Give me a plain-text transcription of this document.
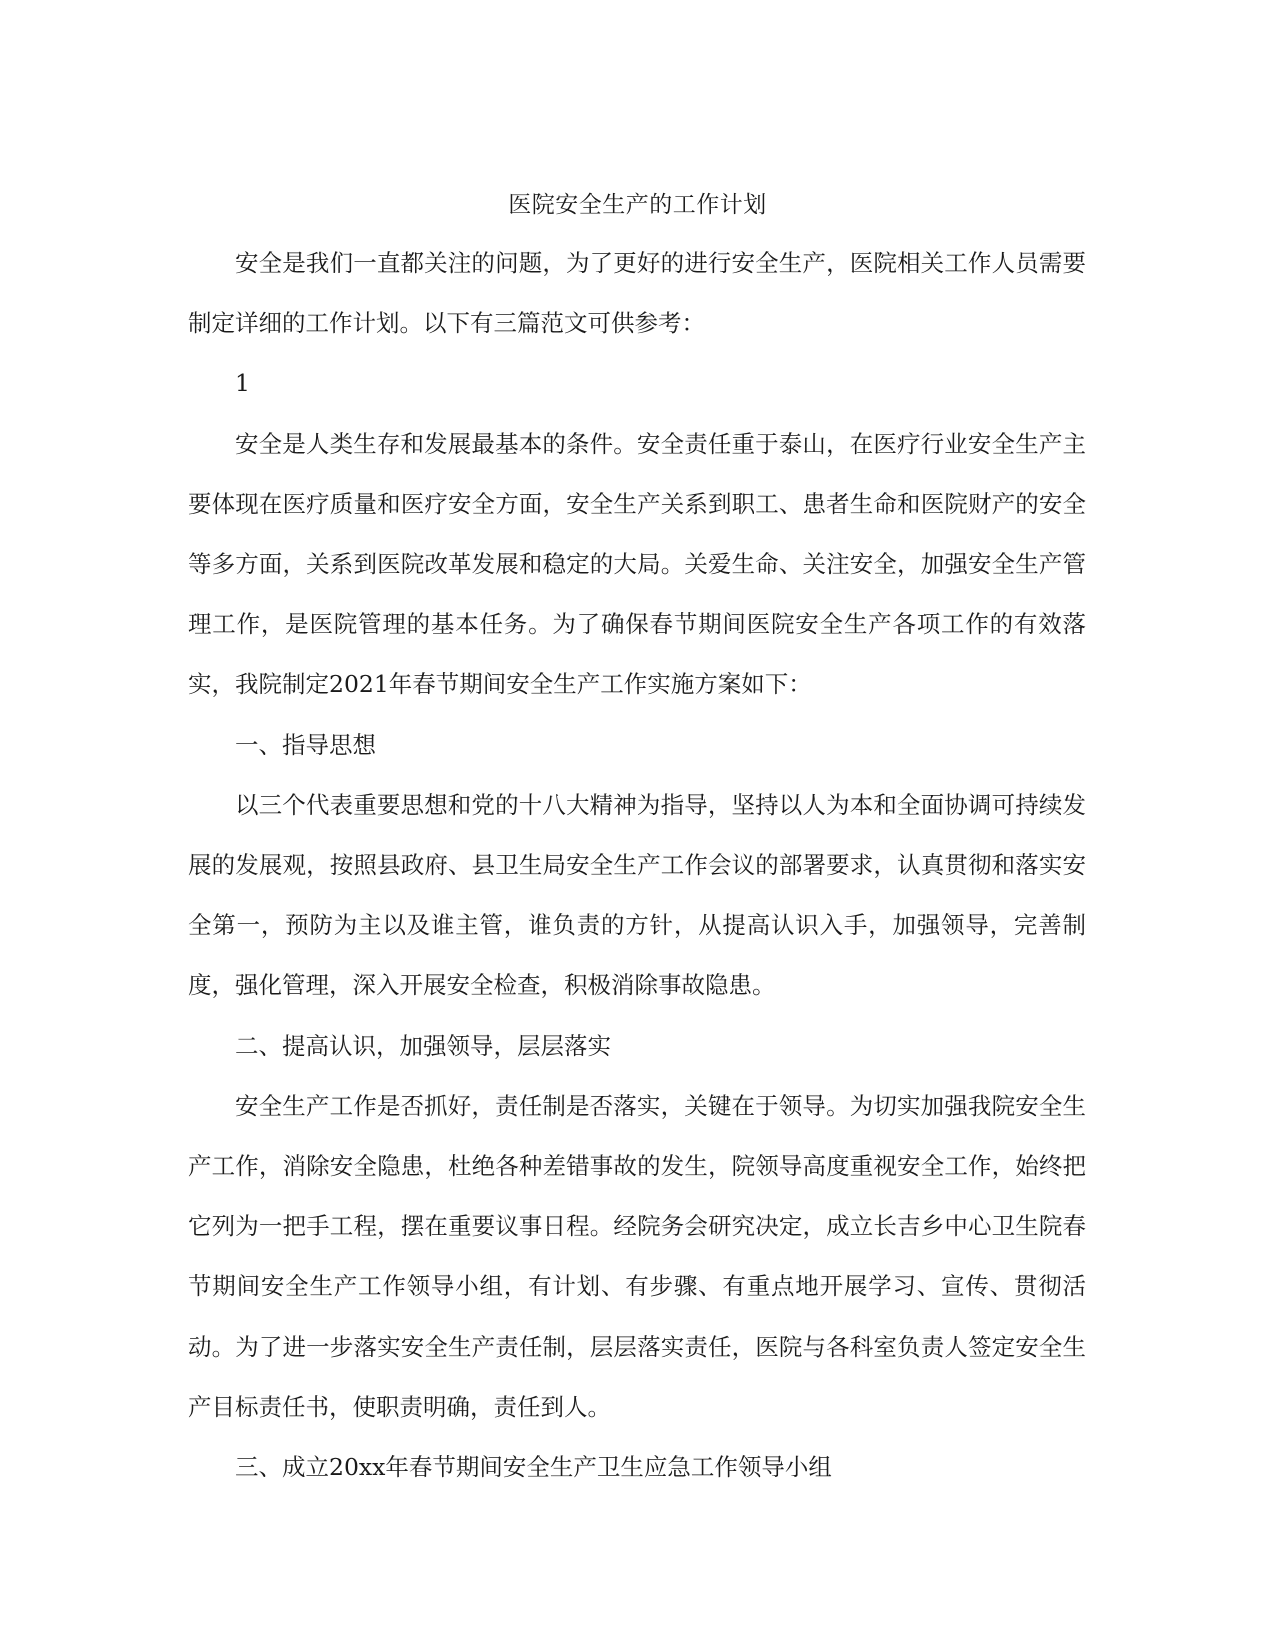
医院安全生产的工作计划

安全是我们一直都关注的问题，为了更好的进行安全生产，医院相关工作人员需要制定详细的工作计划。以下有三篇范文可供参考：

1

安全是人类生存和发展最基本的条件。安全责任重于泰山，在医疗行业安全生产主要体现在医疗质量和医疗安全方面，安全生产关系到职工、患者生命和医院财产的安全等多方面，关系到医院改革发展和稳定的大局。关爱生命、关注安全，加强安全生产管理工作，是医院管理的基本任务。为了确保春节期间医院安全生产各项工作的有效落实，我院制定2021年春节期间安全生产工作实施方案如下：

一、指导思想

以三个代表重要思想和党的十八大精神为指导，坚持以人为本和全面协调可持续发展的发展观，按照县政府、县卫生局安全生产工作会议的部署要求，认真贯彻和落实安全第一，预防为主以及谁主管，谁负责的方针，从提高认识入手，加强领导，完善制度，强化管理，深入开展安全检查，积极消除事故隐患。

二、提高认识，加强领导，层层落实

安全生产工作是否抓好，责任制是否落实，关键在于领导。为切实加强我院安全生产工作，消除安全隐患，杜绝各种差错事故的发生，院领导高度重视安全工作，始终把它列为一把手工程，摆在重要议事日程。经院务会研究决定，成立长吉乡中心卫生院春节期间安全生产工作领导小组，有计划、有步骤、有重点地开展学习、宣传、贯彻活动。为了进一步落实安全生产责任制，层层落实责任，医院与各科室负责人签定安全生产目标责任书，使职责明确，责任到人。

三、成立20xx年春节期间安全生产卫生应急工作领导小组
